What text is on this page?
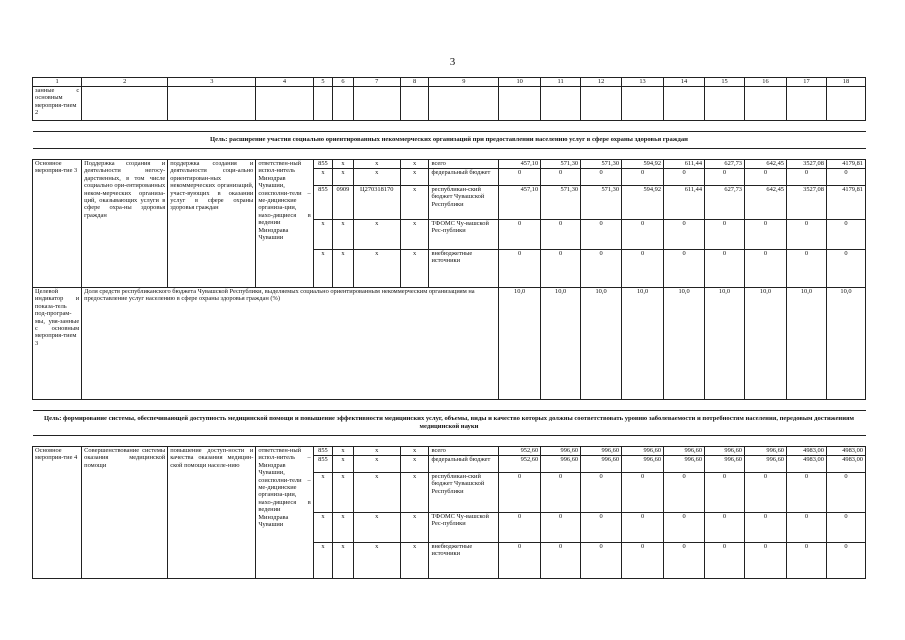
3
1	2	3	4	5	6	7	8	9	10	11	12	13	14	15	16	17	18
занные с основным мероприя-тием 2																	

Цель: расширение участия социально ориентированных некоммерческих организаций при предоставлении населению услуг в сфере охраны здоровья граждан																	

Основное мероприя-тие 3	Поддержка создания и деятельности негосу-дарственных, в том числе социально ори-ентированных неком-мерческих организа-ций, оказывающих услуги в сфере охра-ны здоровья граждан	поддержка создания и деятельности соци-ально ориентирован-ных некоммерческих организаций, участ-вующих в оказании услуг в сфере охраны здоровья граждан	ответствен-ный испол-нитель Минздрав Чувашии, соисполни-тели – ме-дицинские организа-ции, нахо-дящиеся в ведении Минздрава Чувашии	855	x	x	x	всего	457,10	571,30	571,30	594,92	611,44	627,73	642,45	3527,08	4179,81
				x	x	x	x	федеральный бюджет	0	0	0	0	0	0	0	0	0
				855	0909	Ц270318170	x	республикан-ский бюджет Чувашской Республики	457,10	571,30	571,30	594,92	611,44	627,73	642,45	3527,08	4179,81
				x	x	x	x	ТФОМС Чу-вашской Рес-публики	0	0	0	0	0	0	0	0	0
				x	x	x	x	внебюджетные источники	0	0	0	0	0	0	0	0	0
Целевой индикатор и показа-тель под-програм-мы, увя-занные с основным мероприя-тием 3	Доля средств республиканского бюджета Чувашской Республики, выделяемых социально ориентированным некоммерческим организациям на предоставление услуг населению в сфере охраны здоровья граждан (%)								10,0	10,0	10,0	10,0	10,0	10,0	10,0	10,0	10,0

Цель: формирование системы, обеспечивающей доступность медицинской помощи и повышение эффективности медицинских услуг, объемы, виды и качество которых должны соответствовать уровню заболеваемости и потребностям населения, передовым достижениям медицинской науки																	

Основное мероприя-тие 4	Совершенствование системы оказания медицинской помощи	повышение доступ-ности и качества оказания медицин-ской помощи населе-нию	ответствен-ный испол-нитель – Минздрав Чувашии, соисполни-тели – ме-дицинские организа-ции, нахо-дящиеся в ведении Минздрава Чувашии	855	x	x	x	всего	952,60	996,60	996,60	996,60	996,60	996,60	996,60	4983,00	4983,00
				855	x	x	x	федеральный бюджет	952,60	996,60	996,60	996,60	996,60	996,60	996,60	4983,00	4983,00
				x	x	x	x	республикан-ский бюджет Чувашской Республики	0	0	0	0	0	0	0	0	0
				x	x	x	x	ТФОМС Чу-вашской Рес-публики	0	0	0	0	0	0	0	0	0
				x	x	x	x	внебюджетные источники	0	0	0	0	0	0	0	0	0
